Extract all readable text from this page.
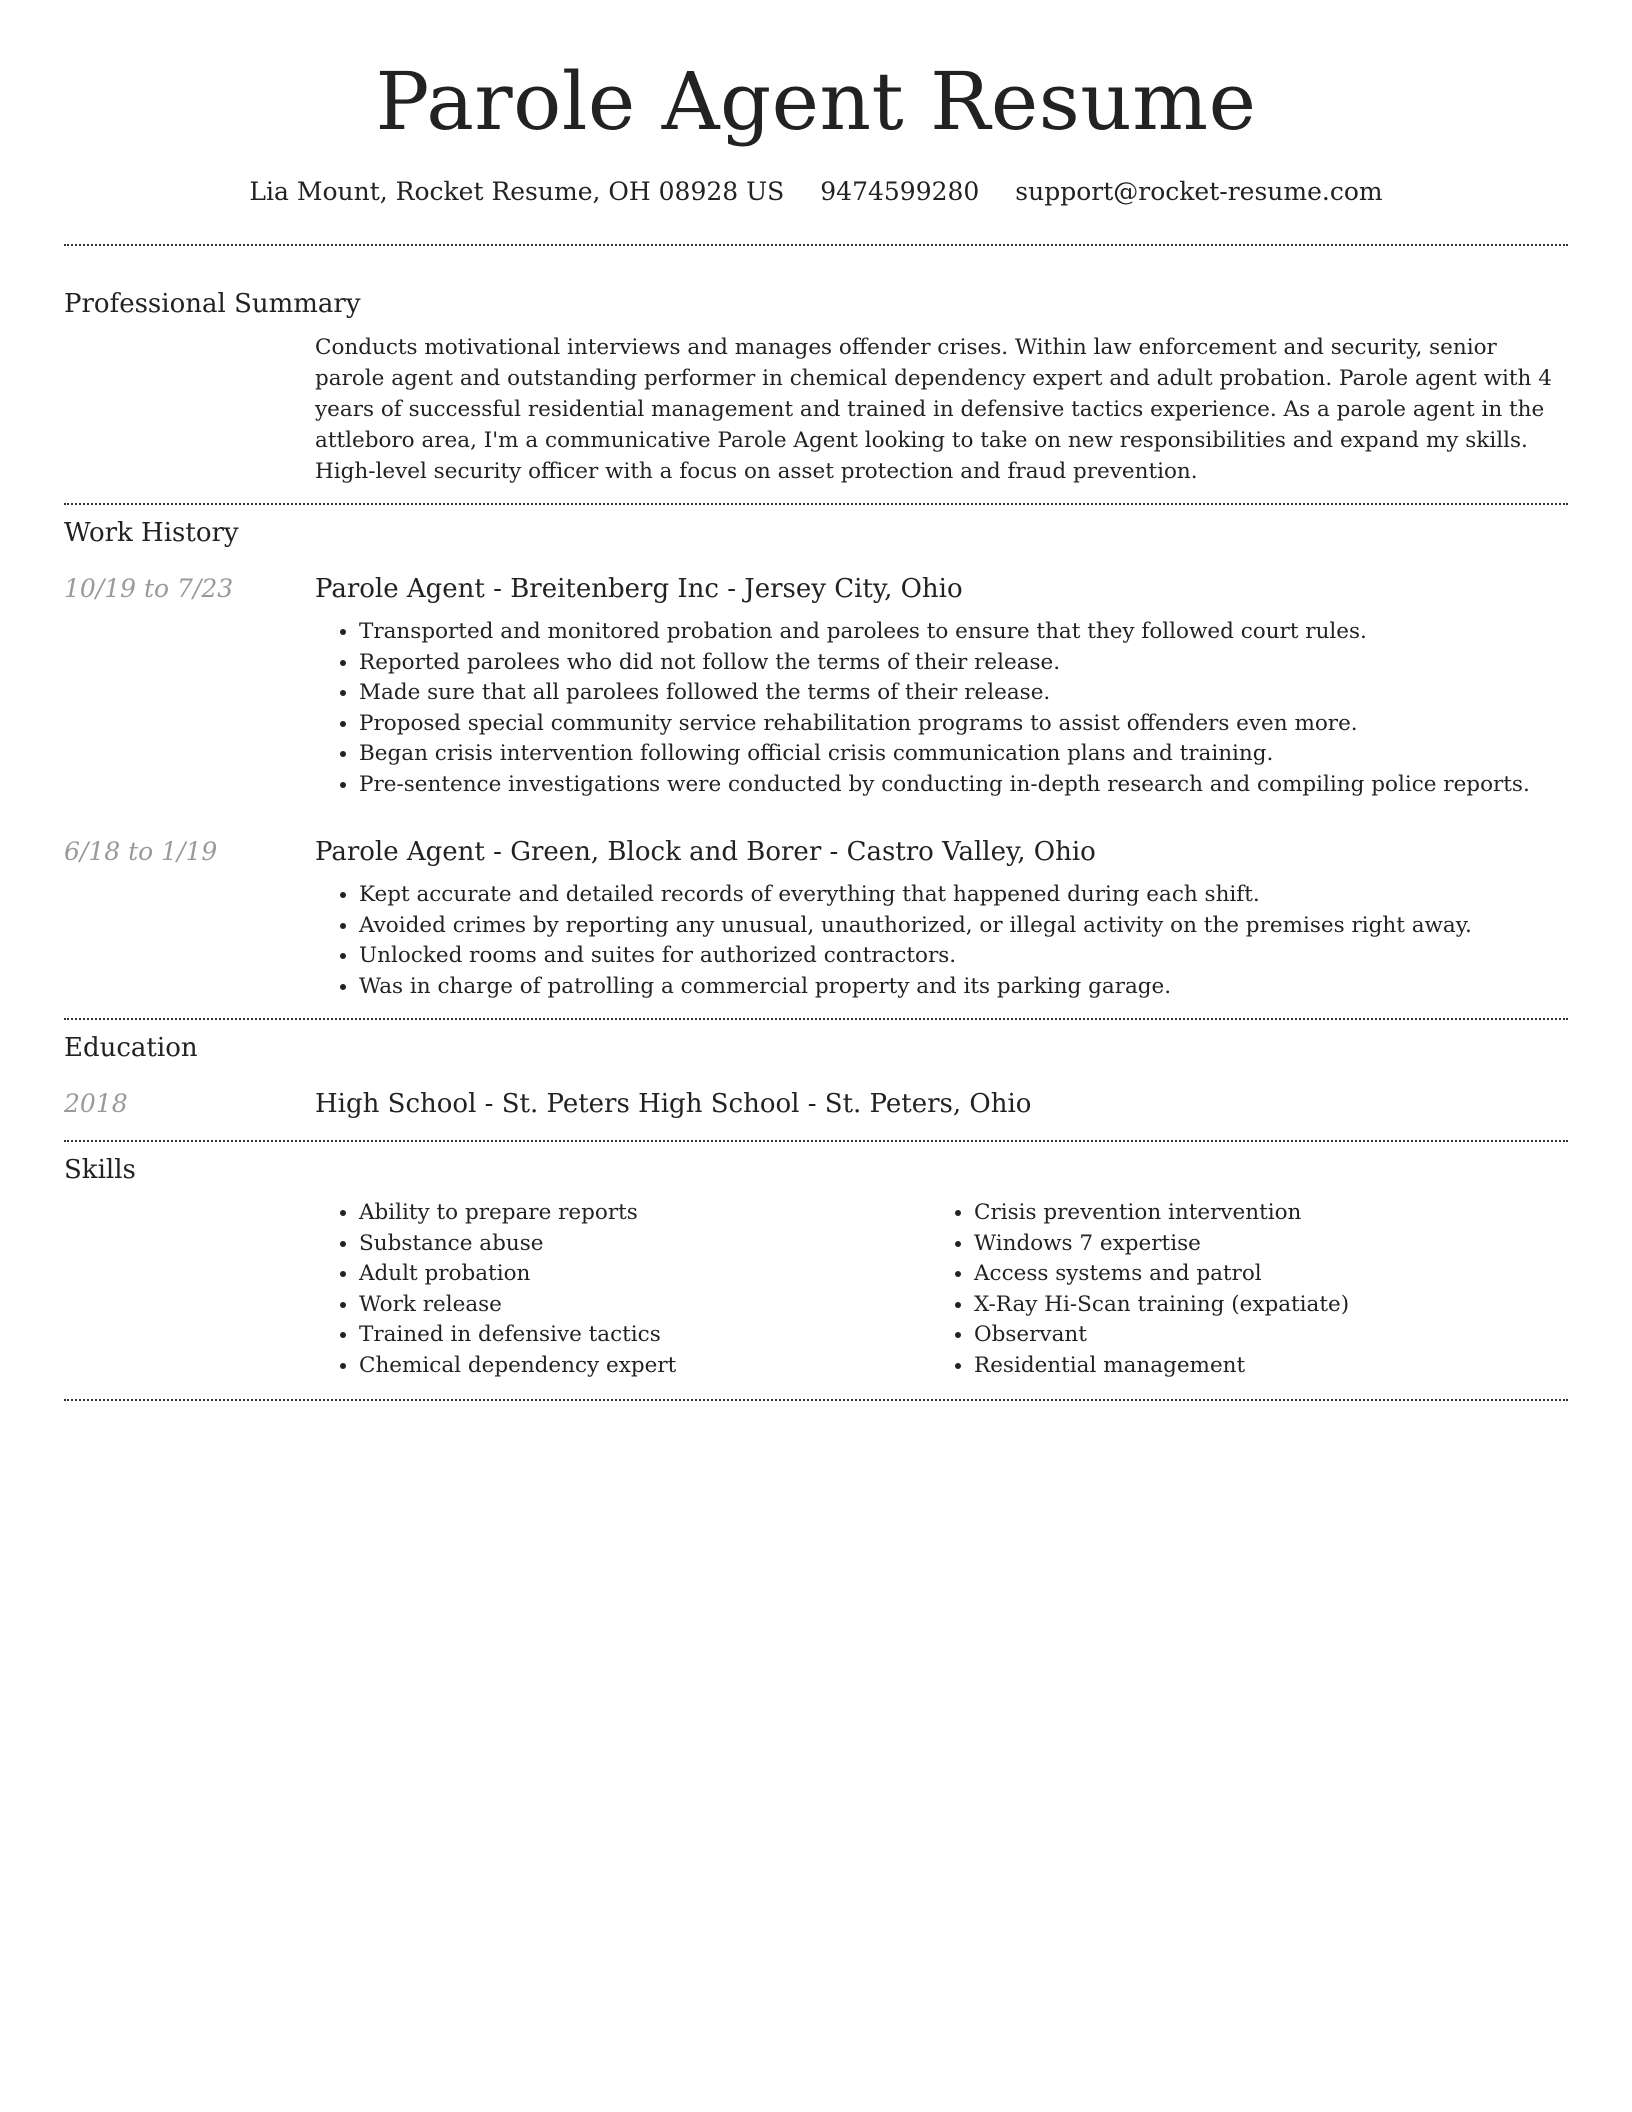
Parole Agent Resume
Lia Mount, Rocket Resume, OH 08928 US 9474599280 support@rocket-resume.com
Professional Summary

Conducts motivational interviews and manages offender crises. Within law enforcement and security, senior parole agent and outstanding performer in chemical dependency expert and adult probation. Parole agent with 4 years of successful residential management and trained in defensive tactics experience. As a parole agent in the attleboro area, I'm a communicative Parole Agent looking to take on new responsibilities and expand my skills. High-level security officer with a focus on asset protection and fraud prevention.

Work History
10/19 to 7/23	Parole Agent - Breitenberg Inc - Jersey City, Ohio
• Transported and monitored probation and parolees to ensure that they followed court rules.
• Reported parolees who did not follow the terms of their release.
• Made sure that all parolees followed the terms of their release.
• Proposed special community service rehabilitation programs to assist offenders even more.
• Began crisis intervention following official crisis communication plans and training.
• Pre-sentence investigations were conducted by conducting in-depth research and compiling police reports.
6/18 to 1/19	Parole Agent - Green, Block and Borer - Castro Valley, Ohio
• Kept accurate and detailed records of everything that happened during each shift.
• Avoided crimes by reporting any unusual, unauthorized, or illegal activity on the premises right away.
• Unlocked rooms and suites for authorized contractors.
• Was in charge of patrolling a commercial property and its parking garage.
Education
2018	High School - St. Peters High School - St. Peters, Ohio
Skills
• Ability to prepare reports
• Substance abuse
• Adult probation
• Work release
• Trained in defensive tactics
• Chemical dependency expert
• Crisis prevention intervention
• Windows 7 expertise
• Access systems and patrol
• X-Ray Hi-Scan training (expatiate)
• Observant
• Residential management
